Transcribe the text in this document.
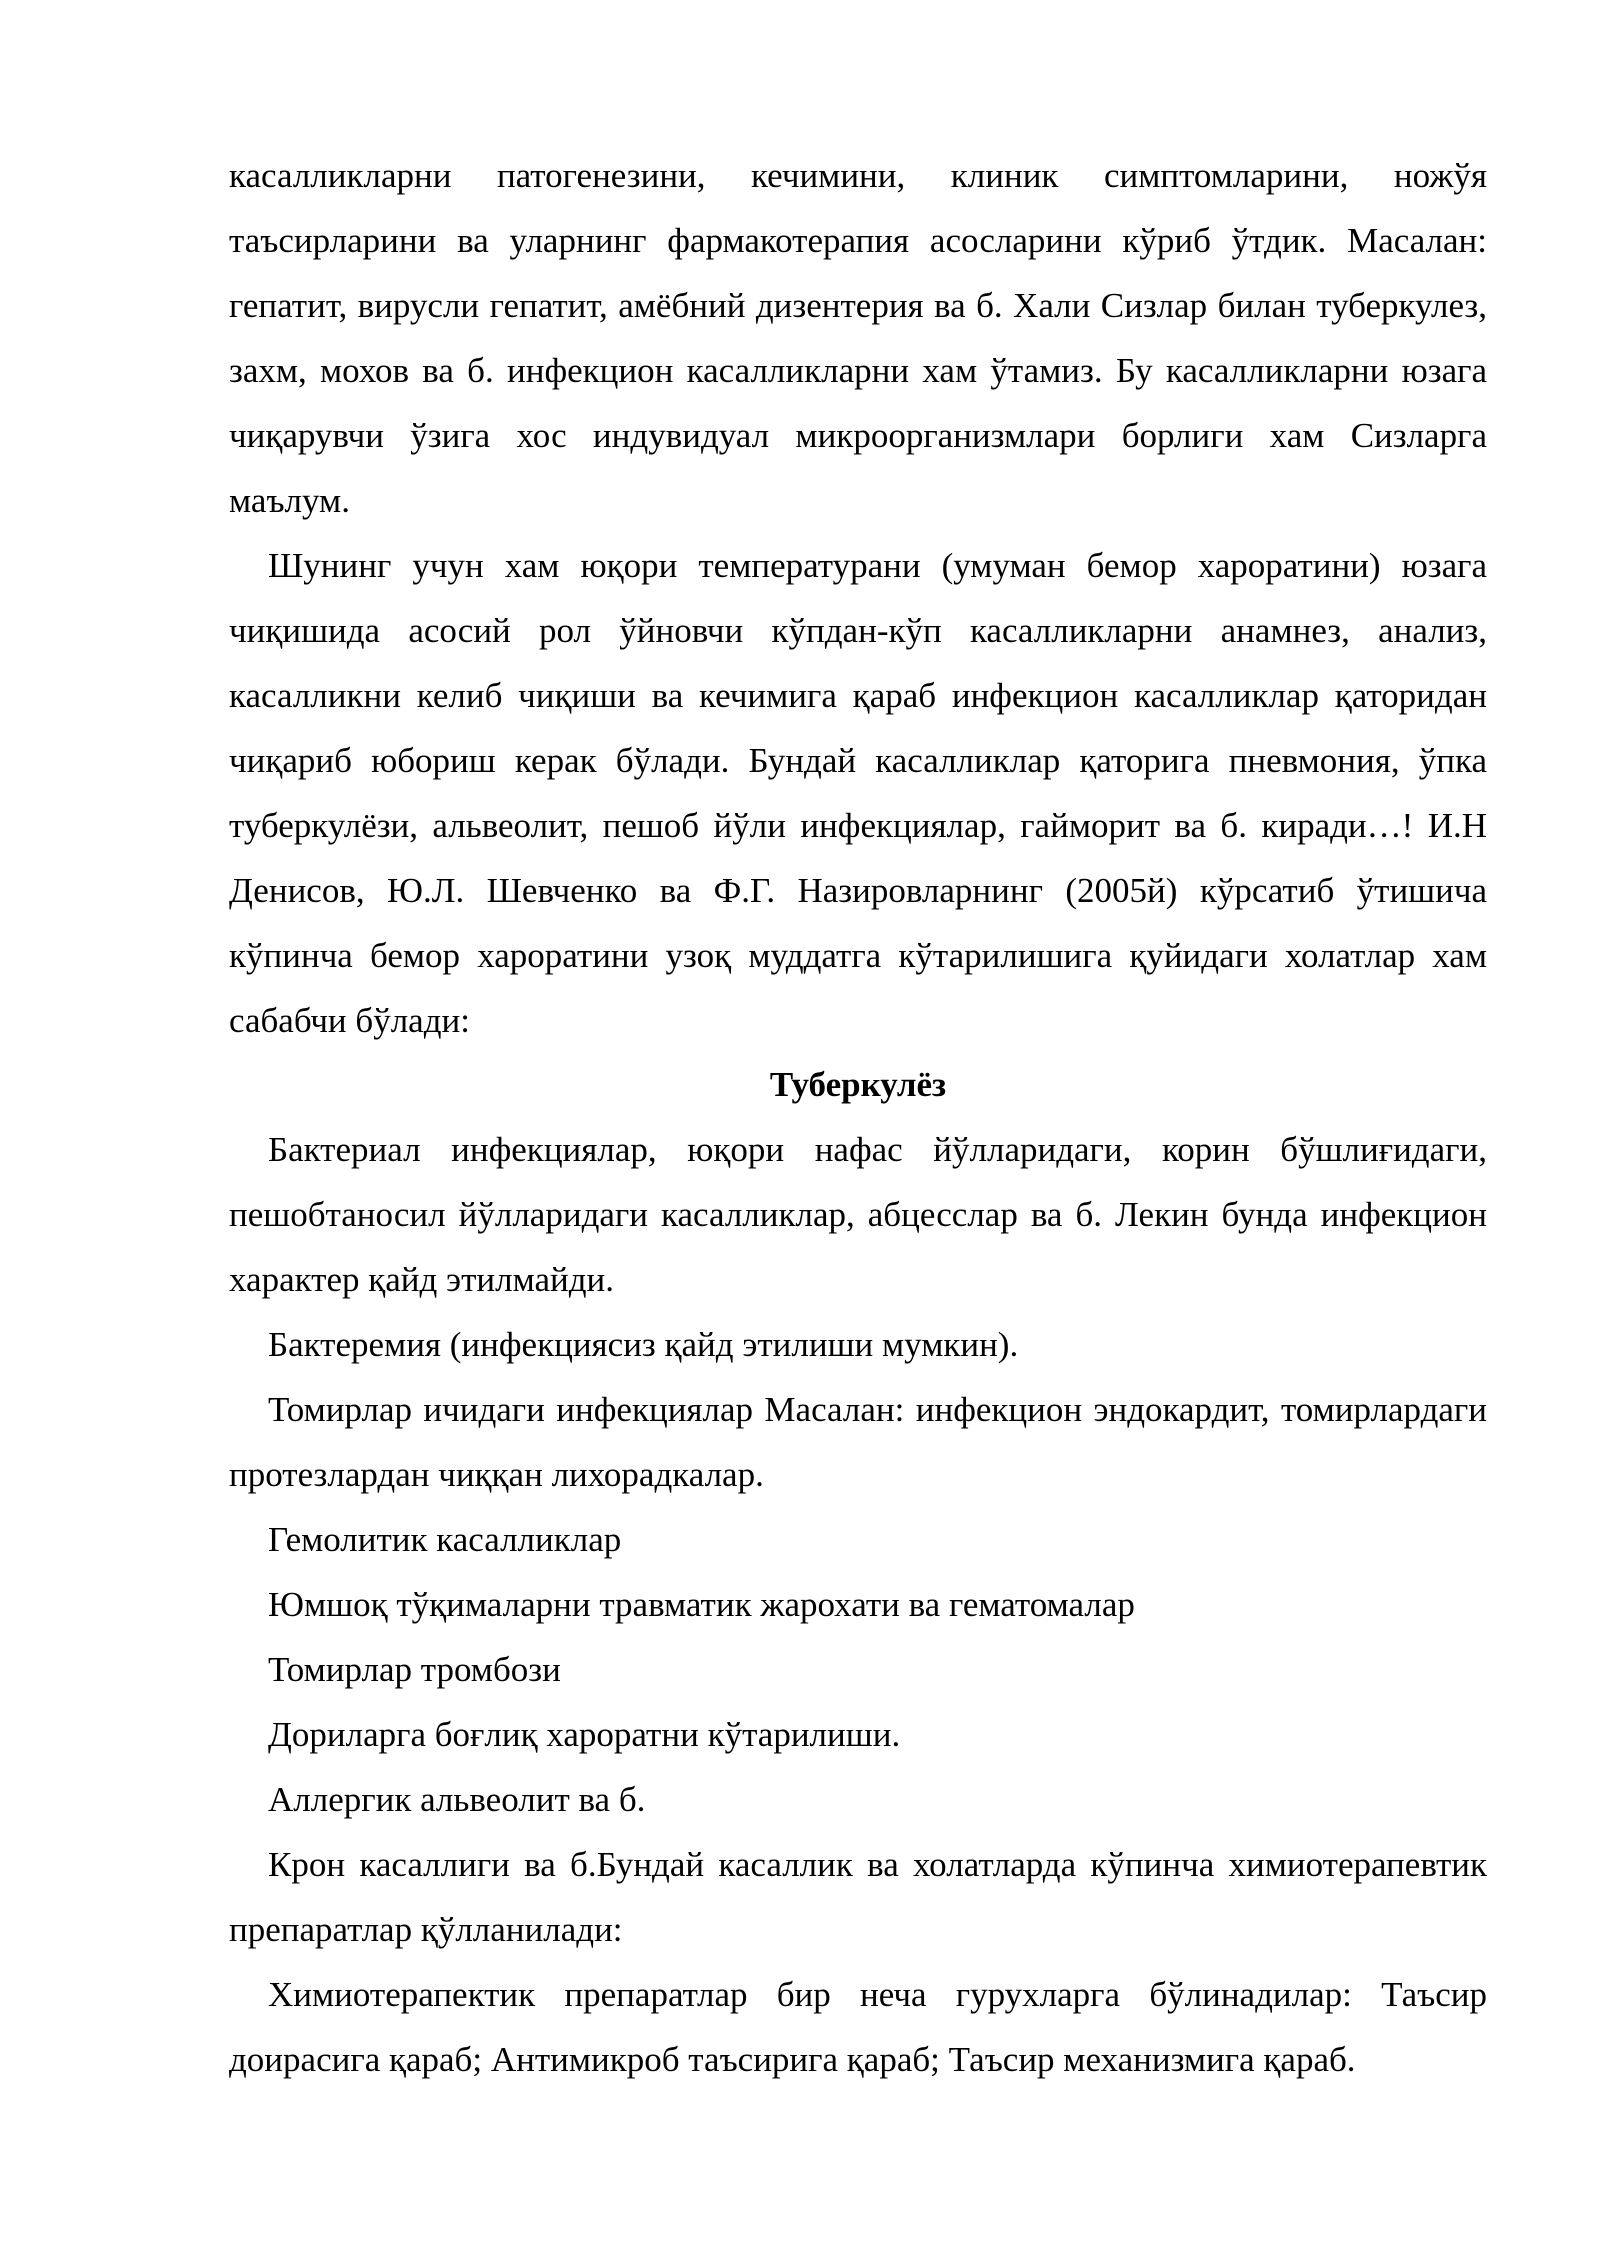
касалликларни патогенезини, кечимини, клиник симптомларини, ножўя таъсирларини ва уларнинг фармакотерапия асосларини кўриб ўтдик. Масалан: гепатит, вирусли гепатит, амёбний дизентерия ва б. Хали Сизлар билан туберкулез, захм, мохов ва б. инфекцион касалликларни хам ўтамиз. Бу касалликларни юзага чиқарувчи ўзига хос индувидуал микроорганизмлари борлиги хам Сизларга маълум.

Шунинг учун хам юқори температурани (умуман бемор хароратини) юзага чиқишида асосий рол ўйновчи кўпдан-кўп касалликларни анамнез, анализ, касалликни келиб чиқиши ва кечимига қараб инфекцион касалликлар қаторидан чиқариб юбориш керак бўлади. Бундай касалликлар қаторига пневмония, ўпка туберкулёзи, альвеолит, пешоб йўли инфекциялар, гайморит ва б. киради…! И.Н Денисов, Ю.Л. Шевченко ва Ф.Г. Назировларнинг (2005й) кўрсатиб ўтишича кўпинча бемор хароратини узоқ муддатга кўтарилишига қуйидаги холатлар хам сабабчи бўлади:

Туберкулёз

Бактериал инфекциялар, юқори нафас йўлларидаги, корин бўшлиғидаги, пешобтаносил йўлларидаги касалликлар, абцесслар ва б. Лекин бунда инфекцион характер қайд этилмайди.

Бактеремия (инфекциясиз қайд этилиши мумкин).

Томирлар ичидаги инфекциялар Масалан: инфекцион эндокардит, томирлардаги протезлардан чиққан лихорадкалар.

Гемолитик касалликлар

Юмшоқ тўқималарни травматик жарохати ва гематомалар

Томирлар тромбози

Дориларга боғлиқ хароратни кўтарилиши.

Аллергик альвеолит ва б.

Крон касаллиги ва б.Бундай касаллик ва холатларда кўпинча химиотерапевтик препаратлар қўлланилади:

Химиотерапектик препаратлар бир неча гурухларга бўлинадилар: Таъсир доирасига қараб; Антимикроб таъсирига қараб; Таъсир механизмига қараб.
